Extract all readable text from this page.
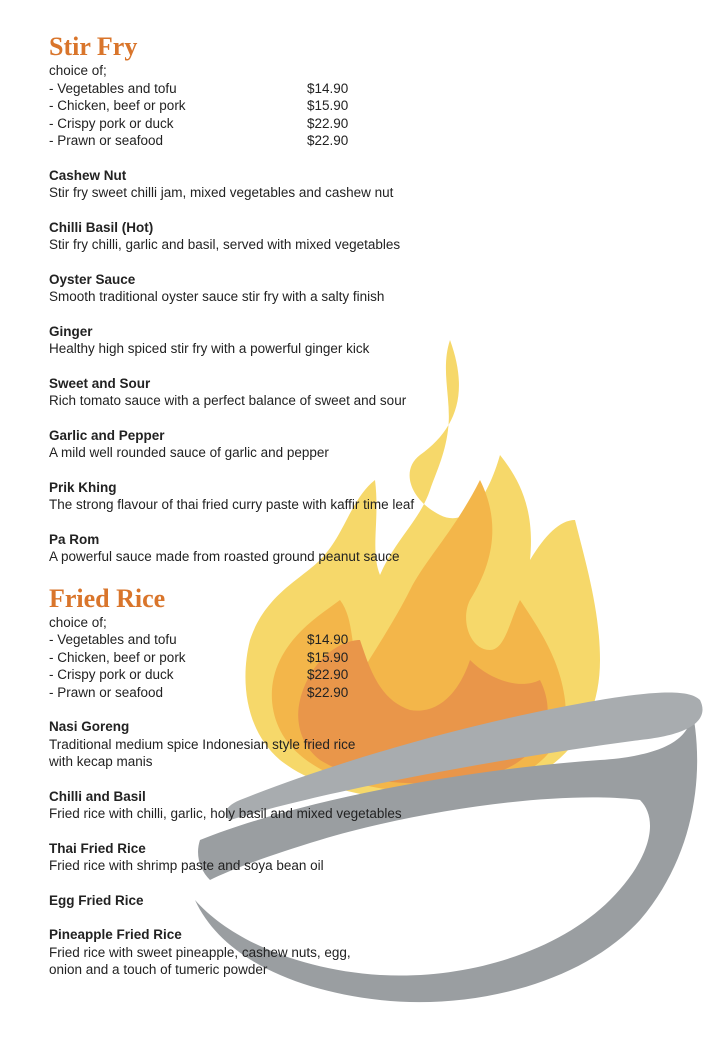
Stir Fry
choice of;
- Vegetables and tofu	$14.90
- Chicken, beef or pork	$15.90
- Crispy pork or duck	$22.90
- Prawn or seafood	$22.90
Cashew Nut
Stir fry sweet chilli jam, mixed vegetables and cashew nut
Chilli Basil (Hot)
Stir fry chilli, garlic and basil, served with mixed vegetables
Oyster Sauce
Smooth traditional oyster sauce stir fry with a salty finish
Ginger
Healthy high spiced stir fry with a powerful ginger kick
Sweet and Sour
Rich tomato sauce with a perfect balance of sweet and sour
Garlic and Pepper
A mild well rounded sauce of garlic and pepper
Prik Khing
The strong flavour of thai fried curry paste with kaffir time leaf
Pa Rom
A powerful sauce made from roasted ground peanut sauce
Fried Rice
choice of;
- Vegetables and tofu	$14.90
- Chicken, beef or pork	$15.90
- Crispy pork or duck	$22.90
- Prawn or seafood	$22.90
Nasi Goreng
Traditional medium spice Indonesian style fried rice
with kecap manis
Chilli and Basil
Fried rice with chilli, garlic, holy basil and mixed vegetables
Thai Fried Rice
Fried rice with shrimp paste and soya bean oil
Egg Fried Rice
Pineapple Fried Rice
Fried rice with sweet pineapple, cashew nuts, egg,
onion and a touch of tumeric powder
